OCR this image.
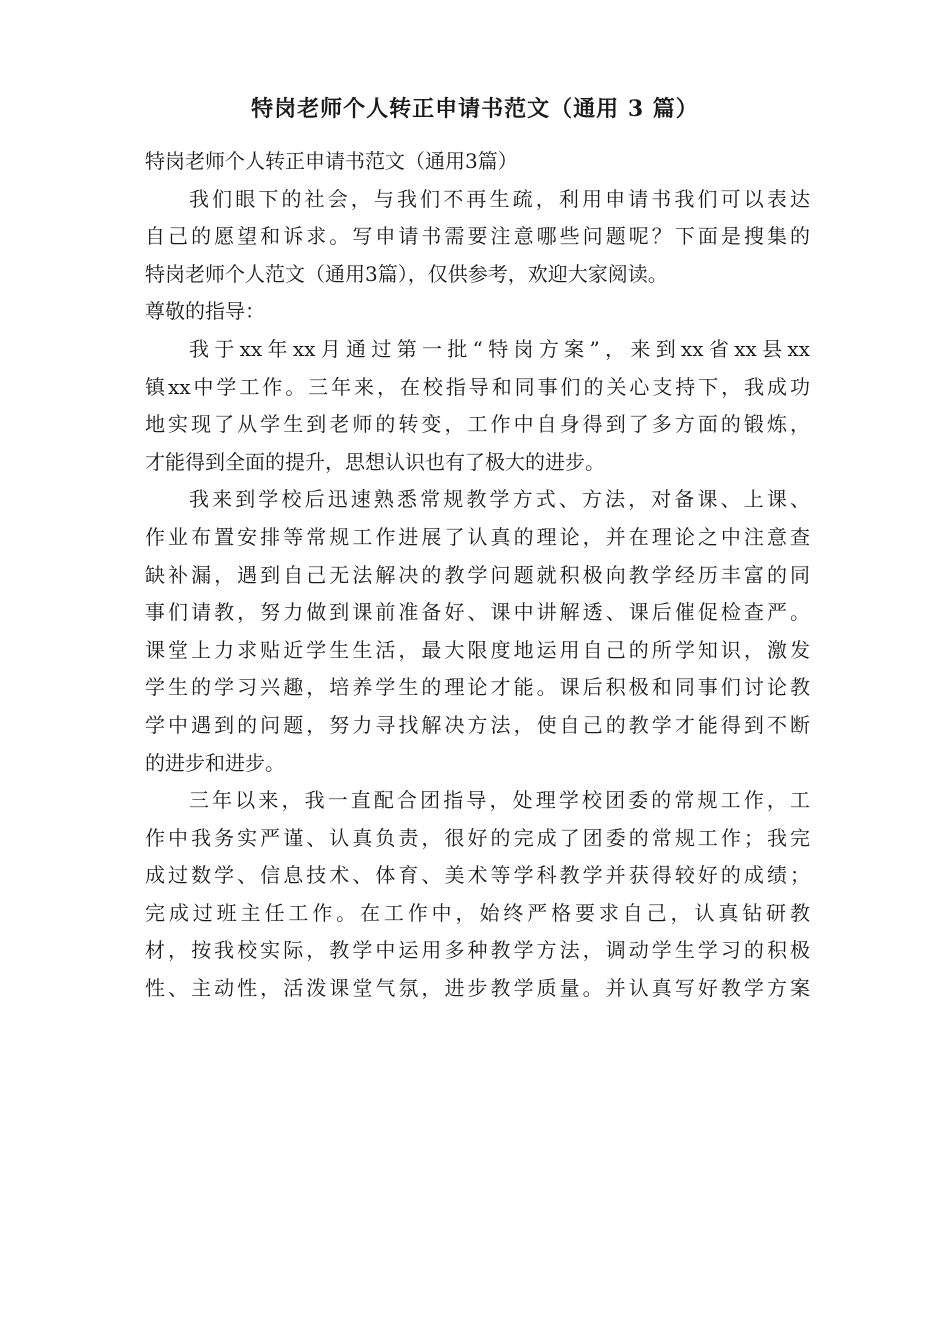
特岗老师个人转正申请书范文（通用 3 篇）
特岗老师个人转正申请书范文（通用3篇）
我们眼下的社会，与我们不再生疏，利用申请书我们可以表达
自己的愿望和诉求。写申请书需要注意哪些问题呢？下面是搜集的
特岗老师个人范文（通用3篇），仅供参考，欢迎大家阅读。
尊敬的指导：
我于xx年xx月通过第一批“特岗方案”，来到xx省xx县xx
镇xx中学工作。三年来，在校指导和同事们的关心支持下，我成功
地实现了从学生到老师的转变，工作中自身得到了多方面的锻炼，
才能得到全面的提升，思想认识也有了极大的进步。
我来到学校后迅速熟悉常规教学方式、方法，对备课、上课、
作业布置安排等常规工作进展了认真的理论，并在理论之中注意查
缺补漏，遇到自己无法解决的教学问题就积极向教学经历丰富的同
事们请教，努力做到课前准备好、课中讲解透、课后催促检查严。
课堂上力求贴近学生生活，最大限度地运用自己的所学知识，激发
学生的学习兴趣，培养学生的理论才能。课后积极和同事们讨论教
学中遇到的问题，努力寻找解决方法，使自己的教学才能得到不断
的进步和进步。
三年以来，我一直配合团指导，处理学校团委的常规工作，工
作中我务实严谨、认真负责，很好的完成了团委的常规工作；我完
成过数学、信息技术、体育、美术等学科教学并获得较好的成绩；
完成过班主任工作。在工作中，始终严格要求自己，认真钻研教
材，按我校实际，教学中运用多种教学方法，调动学生学习的积极
性、主动性，活泼课堂气氛，进步教学质量。并认真写好教学方案
